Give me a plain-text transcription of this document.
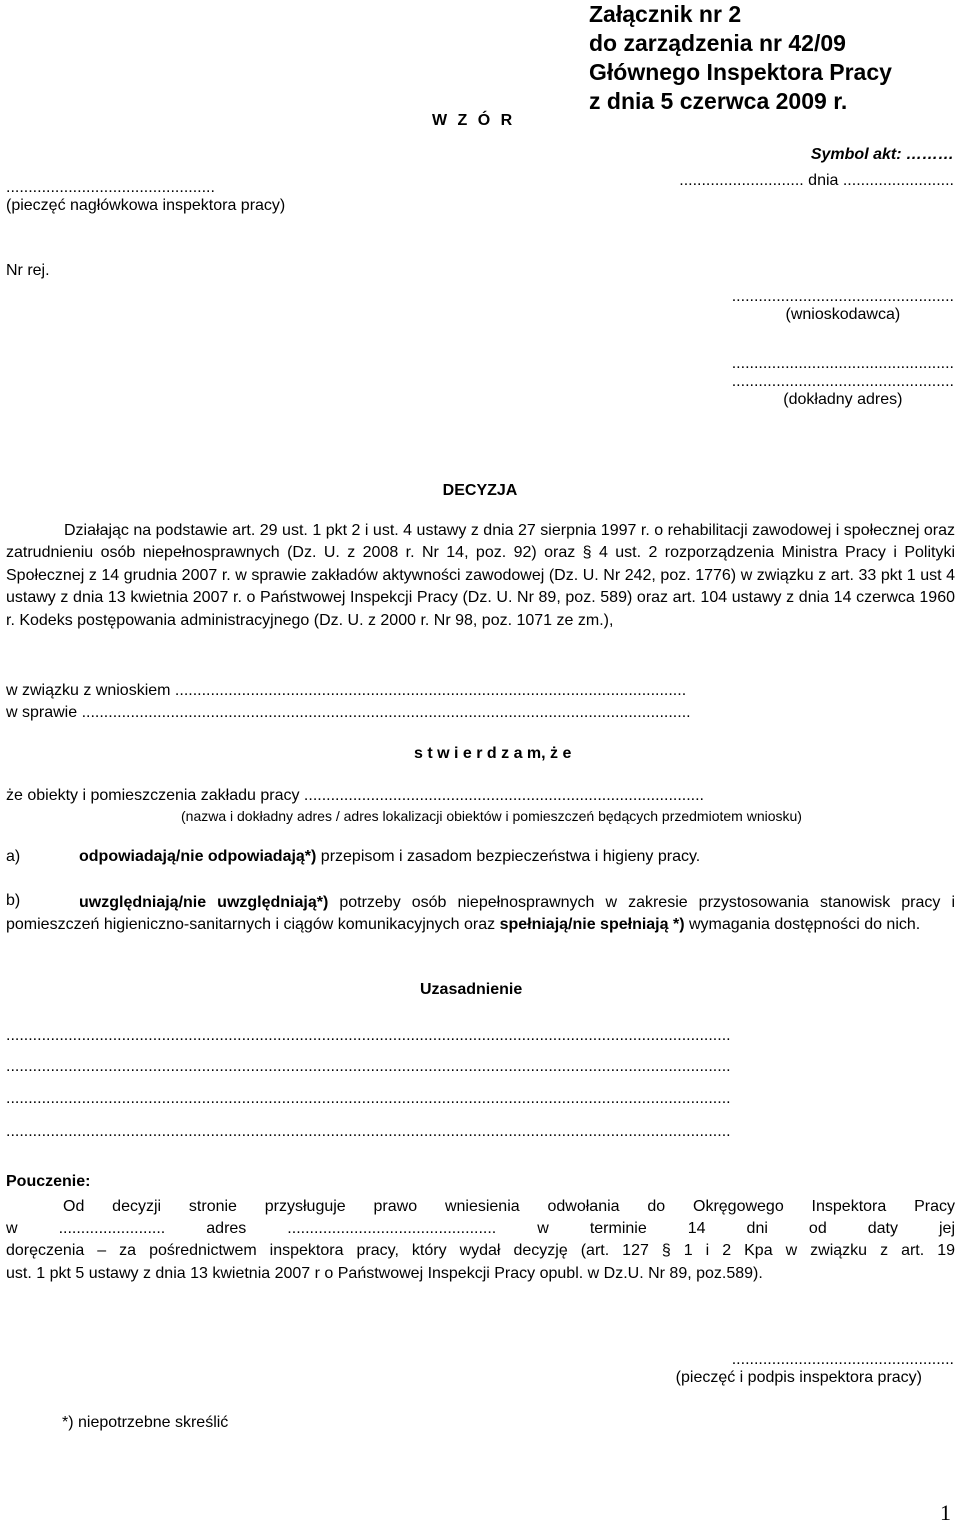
Załącznik nr 2
do zarządzenia nr 42/09
Głównego Inspektora Pracy
z dnia 5 czerwca 2009 r.
W Z Ó R
Symbol akt: ………
............................ dnia .........................
...............................................
(pieczęć nagłówkowa inspektora pracy)
Nr rej.
..................................................
(wnioskodawca)
..................................................
..................................................
(dokładny adres)
DECYZJA
Działając na podstawie art. 29 ust. 1 pkt 2 i ust. 4 ustawy z dnia 27 sierpnia 1997 r. o rehabilitacji zawodowej i społecznej oraz zatrudnieniu osób niepełnosprawnych (Dz. U. z 2008 r. Nr 14, poz. 92) oraz § 4 ust. 2 rozporządzenia Ministra Pracy i Polityki Społecznej z 14 grudnia 2007 r. w sprawie zakładów aktywności zawodowej (Dz. U. Nr 242, poz. 1776) w związku z art. 33 pkt 1 ust 4 ustawy z dnia 13 kwietnia 2007 r. o Państwowej Inspekcji Pracy (Dz. U. Nr 89, poz. 589) oraz art. 104 ustawy z dnia 14 czerwca 1960 r. Kodeks postępowania administracyjnego (Dz. U. z 2000 r. Nr 98, poz. 1071 ze zm.),
w związku z wnioskiem ...................................................................................................................
w sprawie .........................................................................................................................................
s t w i e r d z a m, ż e
że obiekty i pomieszczenia zakładu pracy ..........................................................................................
(nazwa i dokładny adres / adres lokalizacji obiektów i pomieszczeń będących przedmiotem wniosku)
a)	odpowiadają/nie odpowiadają*) przepisom i zasadom bezpieczeństwa i higieny pracy.
b)	uwzględniają/nie uwzględniają*) potrzeby osób niepełnosprawnych w zakresie przystosowania stanowisk pracy i pomieszczeń higieniczno-sanitarnych i ciągów komunikacyjnych oraz spełniają/nie spełniają *) wymagania dostępności do nich.
Uzasadnienie
...................................................................................................................................................................
...................................................................................................................................................................
...................................................................................................................................................................
...................................................................................................................................................................
Pouczenie:
Od decyzji stronie przysługuje prawo wniesienia odwołania do Okręgowego Inspektora Pracy
w ........................ adres ............................................... w terminie 14 dni od daty jej
doręczenia – za pośrednictwem inspektora pracy, który wydał decyzję (art. 127 § 1 i 2 Kpa w związku z art. 19
ust. 1 pkt 5 ustawy z dnia 13 kwietnia 2007 r o Państwowej Inspekcji Pracy opubl. w Dz.U. Nr 89, poz.589).
..................................................
(pieczęć i podpis inspektora pracy)
*) niepotrzebne skreślić
1
